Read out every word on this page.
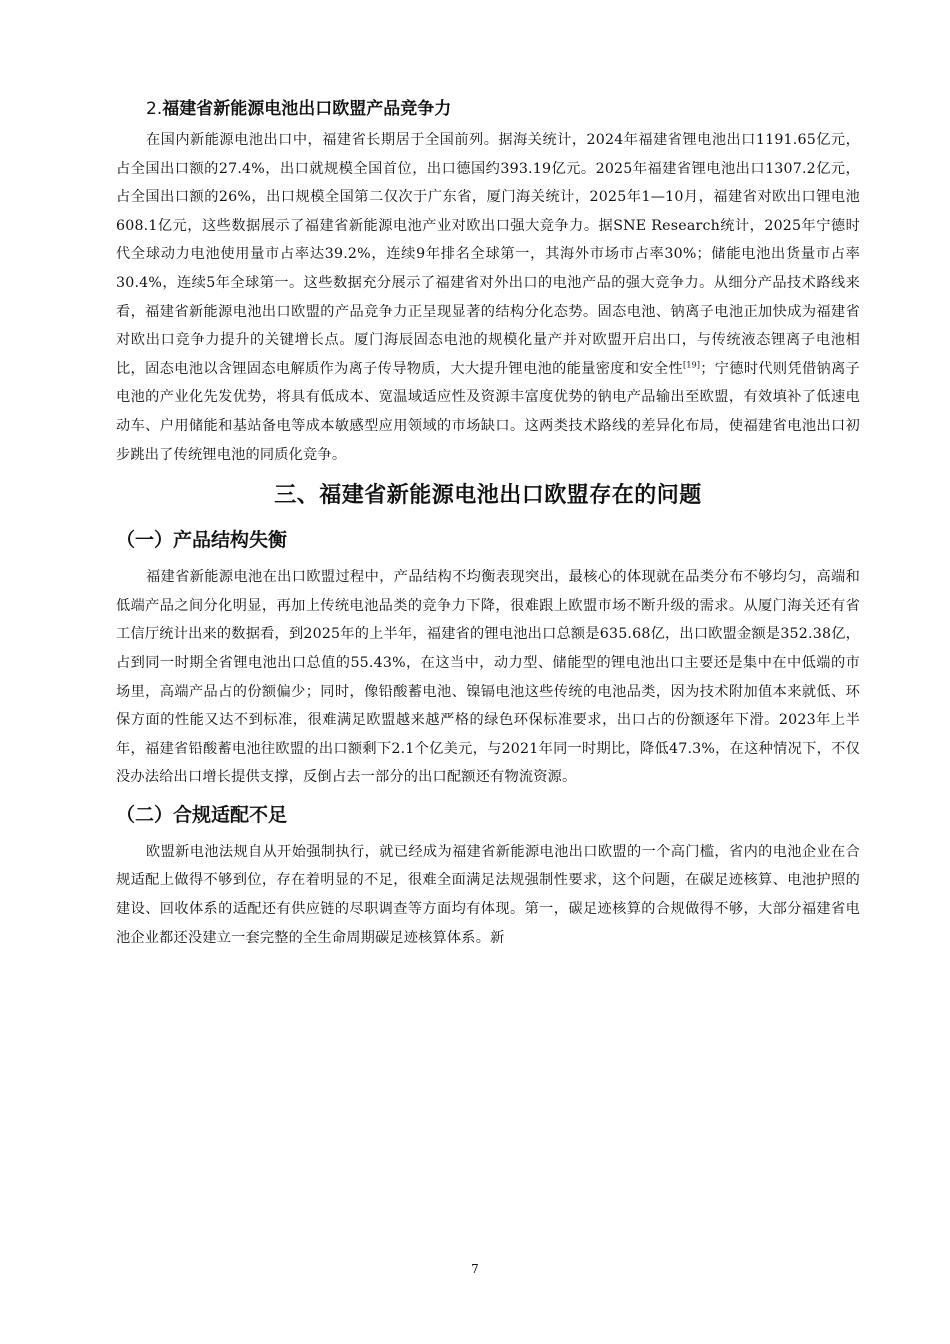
2.福建省新能源电池出口欧盟产品竞争力

在国内新能源电池出口中，福建省长期居于全国前列。据海关统计，2024年福建省锂电池出口1191.65亿元，占全国出口额的27.4%，出口就规模全国首位，出口德国约393.19亿元。2025年福建省锂电池出口1307.2亿元，占全国出口额的26%，出口规模全国第二仅次于广东省，厦门海关统计，2025年1—10月，福建省对欧出口锂电池608.1亿元，这些数据展示了福建省新能源电池产业对欧出口强大竞争力。据SNE Research统计，2025年宁德时代全球动力电池使用量市占率达39.2%，连续9年排名全球第一，其海外市场市占率30%；储能电池出货量市占率30.4%，连续5年全球第一。这些数据充分展示了福建省对外出口的电池产品的强大竞争力。从细分产品技术路线来看，福建省新能源电池出口欧盟的产品竞争力正呈现显著的结构分化态势。固态电池、钠离子电池正加快成为福建省对欧出口竞争力提升的关键增长点。厦门海辰固态电池的规模化量产并对欧盟开启出口，与传统液态锂离子电池相比，固态电池以含锂固态电解质作为离子传导物质，大大提升锂电池的能量密度和安全性[19]；宁德时代则凭借钠离子电池的产业化先发优势，将具有低成本、宽温域适应性及资源丰富度优势的钠电产品输出至欧盟，有效填补了低速电动车、户用储能和基站备电等成本敏感型应用领域的市场缺口。这两类技术路线的差异化布局，使福建省电池出口初步跳出了传统锂电池的同质化竞争。

三、福建省新能源电池出口欧盟存在的问题
（一）产品结构失衡

福建省新能源电池在出口欧盟过程中，产品结构不均衡表现突出，最核心的体现就在品类分布不够均匀，高端和低端产品之间分化明显，再加上传统电池品类的竞争力下降，很难跟上欧盟市场不断升级的需求。从厦门海关还有省工信厅统计出来的数据看，到2025年的上半年，福建省的锂电池出口总额是635.68亿，出口欧盟金额是352.38亿，占到同一时期全省锂电池出口总值的55.43%，在这当中，动力型、储能型的锂电池出口主要还是集中在中低端的市场里，高端产品占的份额偏少；同时，像铅酸蓄电池、镍镉电池这些传统的电池品类，因为技术附加值本来就低、环保方面的性能又达不到标准，很难满足欧盟越来越严格的绿色环保标准要求，出口占的份额逐年下滑。2023年上半年，福建省铅酸蓄电池往欧盟的出口额剩下2.1个亿美元，与2021年同一时期比，降低47.3%，在这种情况下，不仅没办法给出口增长提供支撑，反倒占去一部分的出口配额还有物流资源。

（二）合规适配不足

欧盟新电池法规自从开始强制执行，就已经成为福建省新能源电池出口欧盟的一个高门槛，省内的电池企业在合规适配上做得不够到位，存在着明显的不足，很难全面满足法规强制性要求，这个问题，在碳足迹核算、电池护照的建设、回收体系的适配还有供应链的尽职调查等方面均有体现。第一，碳足迹核算的合规做得不够，大部分福建省电池企业都还没建立一套完整的全生命周期碳足迹核算体系。新

7
